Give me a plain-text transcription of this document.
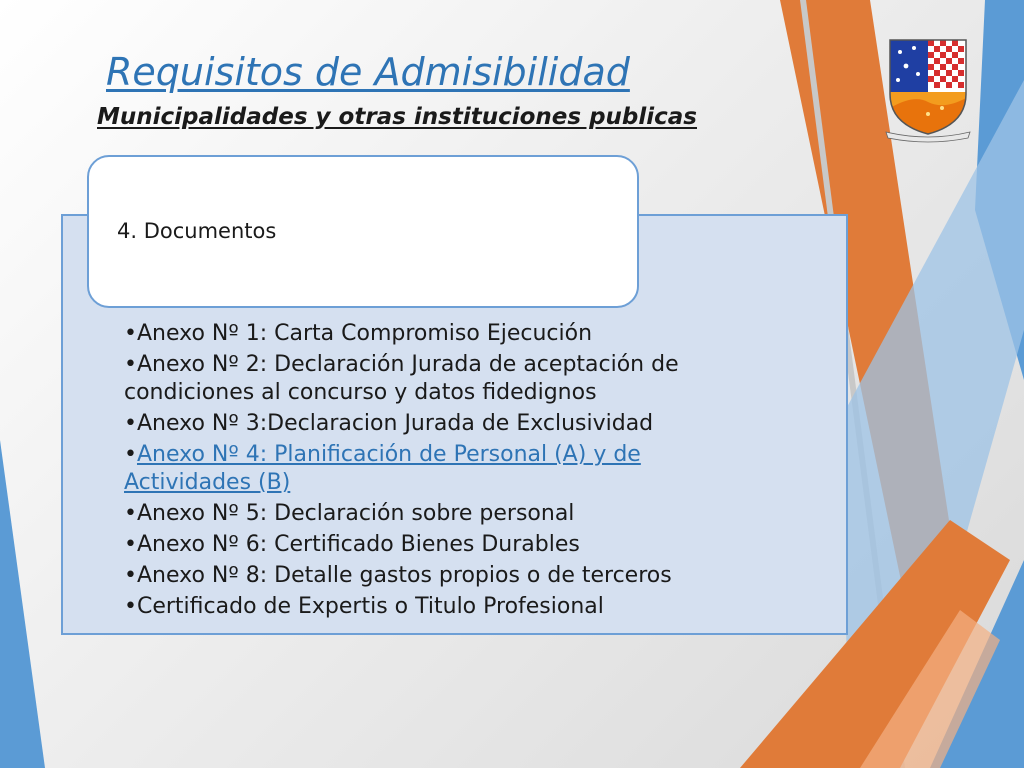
Requisitos de Admisibilidad
Municipalidades y otras instituciones publicas
4. Documentos
•Anexo Nº 1: Carta Compromiso Ejecución
•Anexo Nº 2: Declaración Jurada de aceptación de condiciones al concurso y datos fidedignos
•Anexo Nº 3:Declaracion Jurada de Exclusividad
•Anexo Nº 4: Planificación de Personal (A) y de Actividades (B)
•Anexo Nº 5: Declaración sobre personal
•Anexo Nº 6: Certificado Bienes Durables
•Anexo Nº 8: Detalle gastos propios o de terceros
•Certificado de Expertis o Titulo Profesional
